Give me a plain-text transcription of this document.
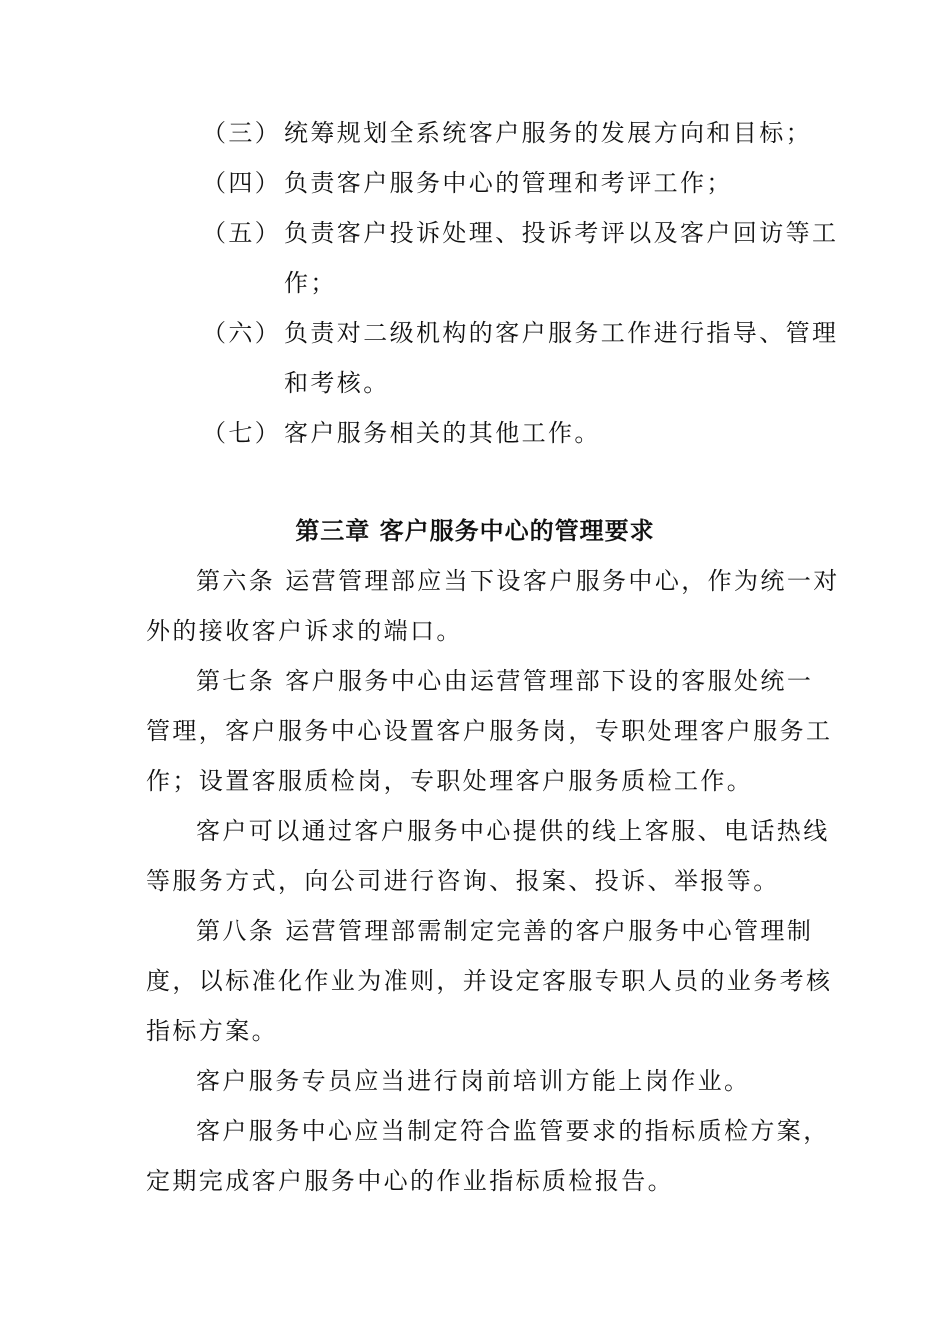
（三） 统筹规划全系统客户服务的发展方向和目标；
（四） 负责客户服务中心的管理和考评工作；
（五） 负责客户投诉处理、投诉考评以及客户回访等工
作；
（六） 负责对二级机构的客户服务工作进行指导、管理
和考核。
（七） 客户服务相关的其他工作。
第三章 客户服务中心的管理要求

第六条 运营管理部应当下设客户服务中心，作为统一对

外的接收客户诉求的端口。

第七条 客户服务中心由运营管理部下设的客服处统一

管理，客户服务中心设置客户服务岗，专职处理客户服务工

作；设置客服质检岗，专职处理客户服务质检工作。

客户可以通过客户服务中心提供的线上客服、电话热线

等服务方式，向公司进行咨询、报案、投诉、举报等。

第八条 运营管理部需制定完善的客户服务中心管理制

度，以标准化作业为准则，并设定客服专职人员的业务考核

指标方案。

客户服务专员应当进行岗前培训方能上岗作业。

客户服务中心应当制定符合监管要求的指标质检方案，

定期完成客户服务中心的作业指标质检报告。
